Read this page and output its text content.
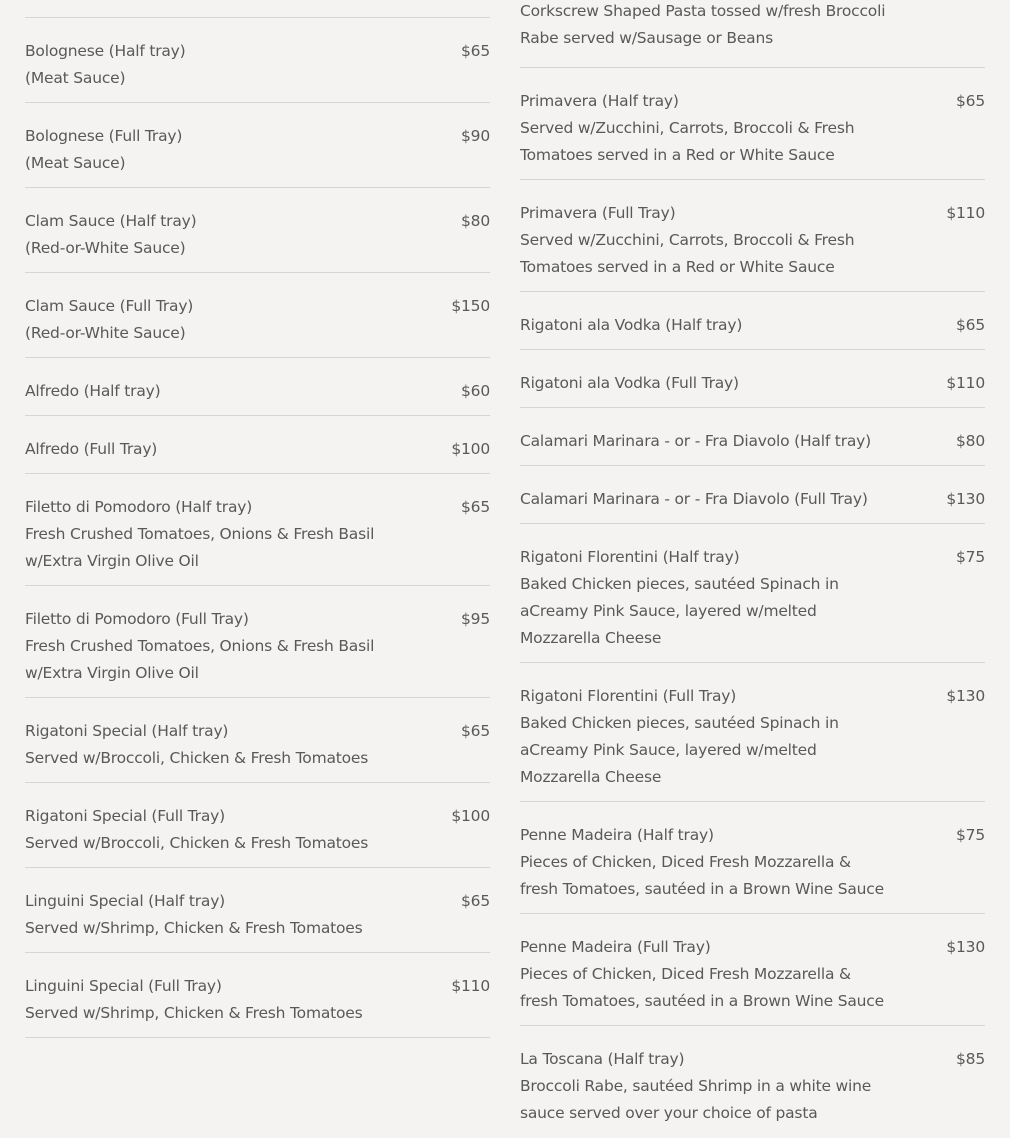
Bolognese (Half tray)
(Meat Sauce)
$65
Bolognese (Full Tray)
(Meat Sauce)
$90
Clam Sauce (Half tray)
(Red-or-White Sauce)
$80
Clam Sauce (Full Tray)
(Red-or-White Sauce)
$150
Alfredo (Half tray)	$60
Alfredo (Full Tray)	$100
Filetto di Pomodoro (Half tray)
Fresh Crushed Tomatoes, Onions & Fresh Basil w/Extra Virgin Olive Oil
$65
Filetto di Pomodoro (Full Tray)
Fresh Crushed Tomatoes, Onions & Fresh Basil w/Extra Virgin Olive Oil
$95
Rigatoni Special (Half tray)
Served w/Broccoli, Chicken & Fresh Tomatoes
$65
Rigatoni Special (Full Tray)
Served w/Broccoli, Chicken & Fresh Tomatoes
$100
Linguini Special (Half tray)
Served w/Shrimp, Chicken & Fresh Tomatoes
$65
Linguini Special (Full Tray)
Served w/Shrimp, Chicken & Fresh Tomatoes
$110
Corkscrew Shaped Pasta tossed w/fresh Broccoli Rabe served w/Sausage or Beans
Primavera (Half tray)
Served w/Zucchini, Carrots, Broccoli & Fresh Tomatoes served in a Red or White Sauce
$65
Primavera (Full Tray)
Served w/Zucchini, Carrots, Broccoli & Fresh Tomatoes served in a Red or White Sauce
$110
Rigatoni ala Vodka (Half tray)	$65
Rigatoni ala Vodka (Full Tray)	$110
Calamari Marinara - or - Fra Diavolo (Half tray)	$80
Calamari Marinara - or - Fra Diavolo (Full Tray)	$130
Rigatoni Florentini (Half tray)
Baked Chicken pieces, sautéed Spinach in aCreamy Pink Sauce, layered w/melted Mozzarella Cheese
$75
Rigatoni Florentini (Full Tray)
Baked Chicken pieces, sautéed Spinach in aCreamy Pink Sauce, layered w/melted Mozzarella Cheese
$130
Penne Madeira (Half tray)
Pieces of Chicken, Diced Fresh Mozzarella & fresh Tomatoes, sautéed in a Brown Wine Sauce
$75
Penne Madeira (Full Tray)
Pieces of Chicken, Diced Fresh Mozzarella & fresh Tomatoes, sautéed in a Brown Wine Sauce
$130
La Toscana (Half tray)
Broccoli Rabe, sautéed Shrimp in a white wine sauce served over your choice of pasta
$85
